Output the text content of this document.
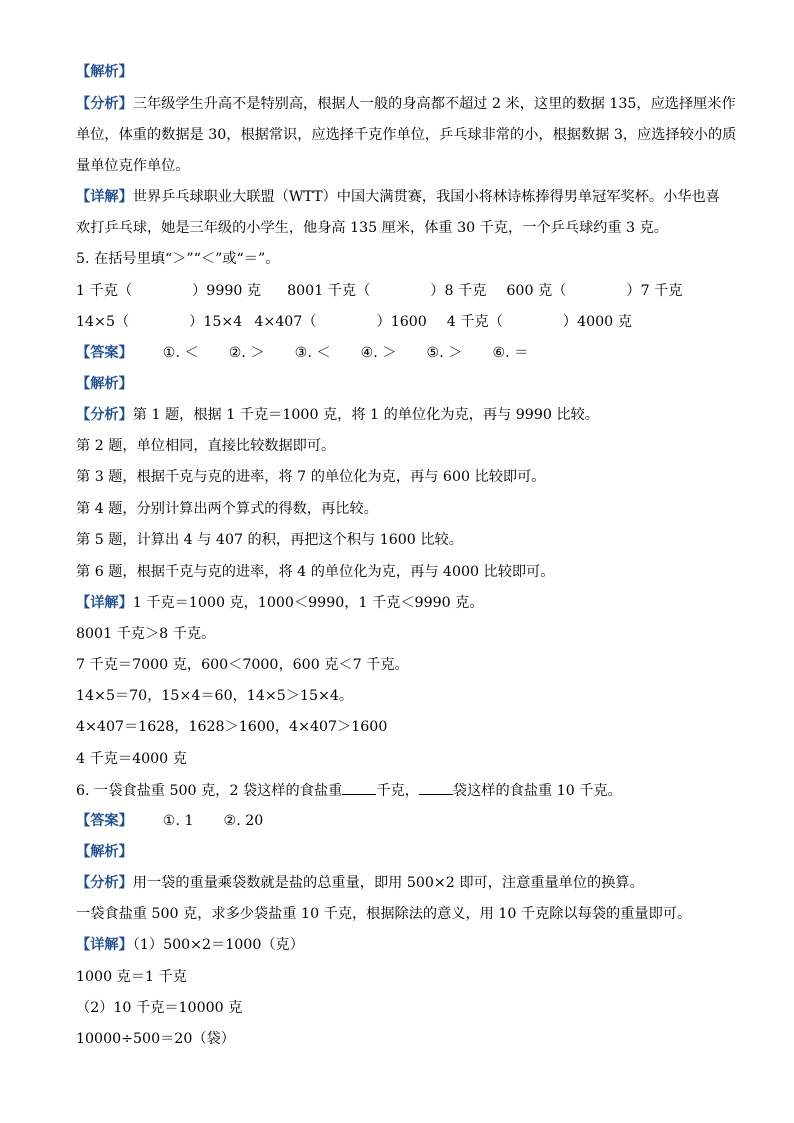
【解析】
【分析】三年级学生升高不是特别高，根据人一般的身高都不超过 2 米，这里的数据 135，应选择厘米作
单位，体重的数据是 30，根据常识，应选择千克作单位，乒乓球非常的小，根据数据 3，应选择较小的质
量单位克作单位。
【详解】世界乒乓球职业大联盟（WTT）中国大满贯赛，我国小将林诗栋捧得男单冠军奖杯。小华也喜
欢打乒乓球，她是三年级的小学生，他身高 135 厘米，体重 30 千克，一个乒乓球约重 3 克。
5. 在括号里填“＞”“＜”或“＝”。
1 千克（	）9990 克 8001 千克（	）8 千克 600 克（	）7 千克
14×5（	）15×4 4×407（	）1600 4 千克（	）4000 克
【答案】 ①. ＜ ②. ＞ ③. ＜ ④. ＞ ⑤. ＞ ⑥. ＝
【解析】
【分析】第 1 题，根据 1 千克＝1000 克，将 1 的单位化为克，再与 9990 比较。
第 2 题，单位相同，直接比较数据即可。
第 3 题，根据千克与克的进率，将 7 的单位化为克，再与 600 比较即可。
第 4 题，分别计算出两个算式的得数，再比较。
第 5 题，计算出 4 与 407 的积，再把这个积与 1600 比较。
第 6 题，根据千克与克的进率，将 4 的单位化为克，再与 4000 比较即可。
【详解】1 千克＝1000 克，1000＜9990，1 千克＜9990 克。
8001 千克＞8 千克。
7 千克＝7000 克，600＜7000，600 克＜7 千克。
14×5＝70，15×4＝60，14×5＞15×4。
4×407＝1628，1628＞1600，4×407＞1600
4 千克＝4000 克
6. 一袋食盐重 500 克，2 袋这样的食盐重 千克， 袋这样的食盐重 10 千克。
【答案】 ①. 1 ②. 20
【解析】
【分析】用一袋的重量乘袋数就是盐的总重量，即用 500×2 即可，注意重量单位的换算。
一袋食盐重 500 克，求多少袋盐重 10 千克，根据除法的意义，用 10 千克除以每袋的重量即可。
【详解】（1）500×2＝1000（克）
1000 克＝1 千克
（2）10 千克＝10000 克
10000÷500＝20（袋）
